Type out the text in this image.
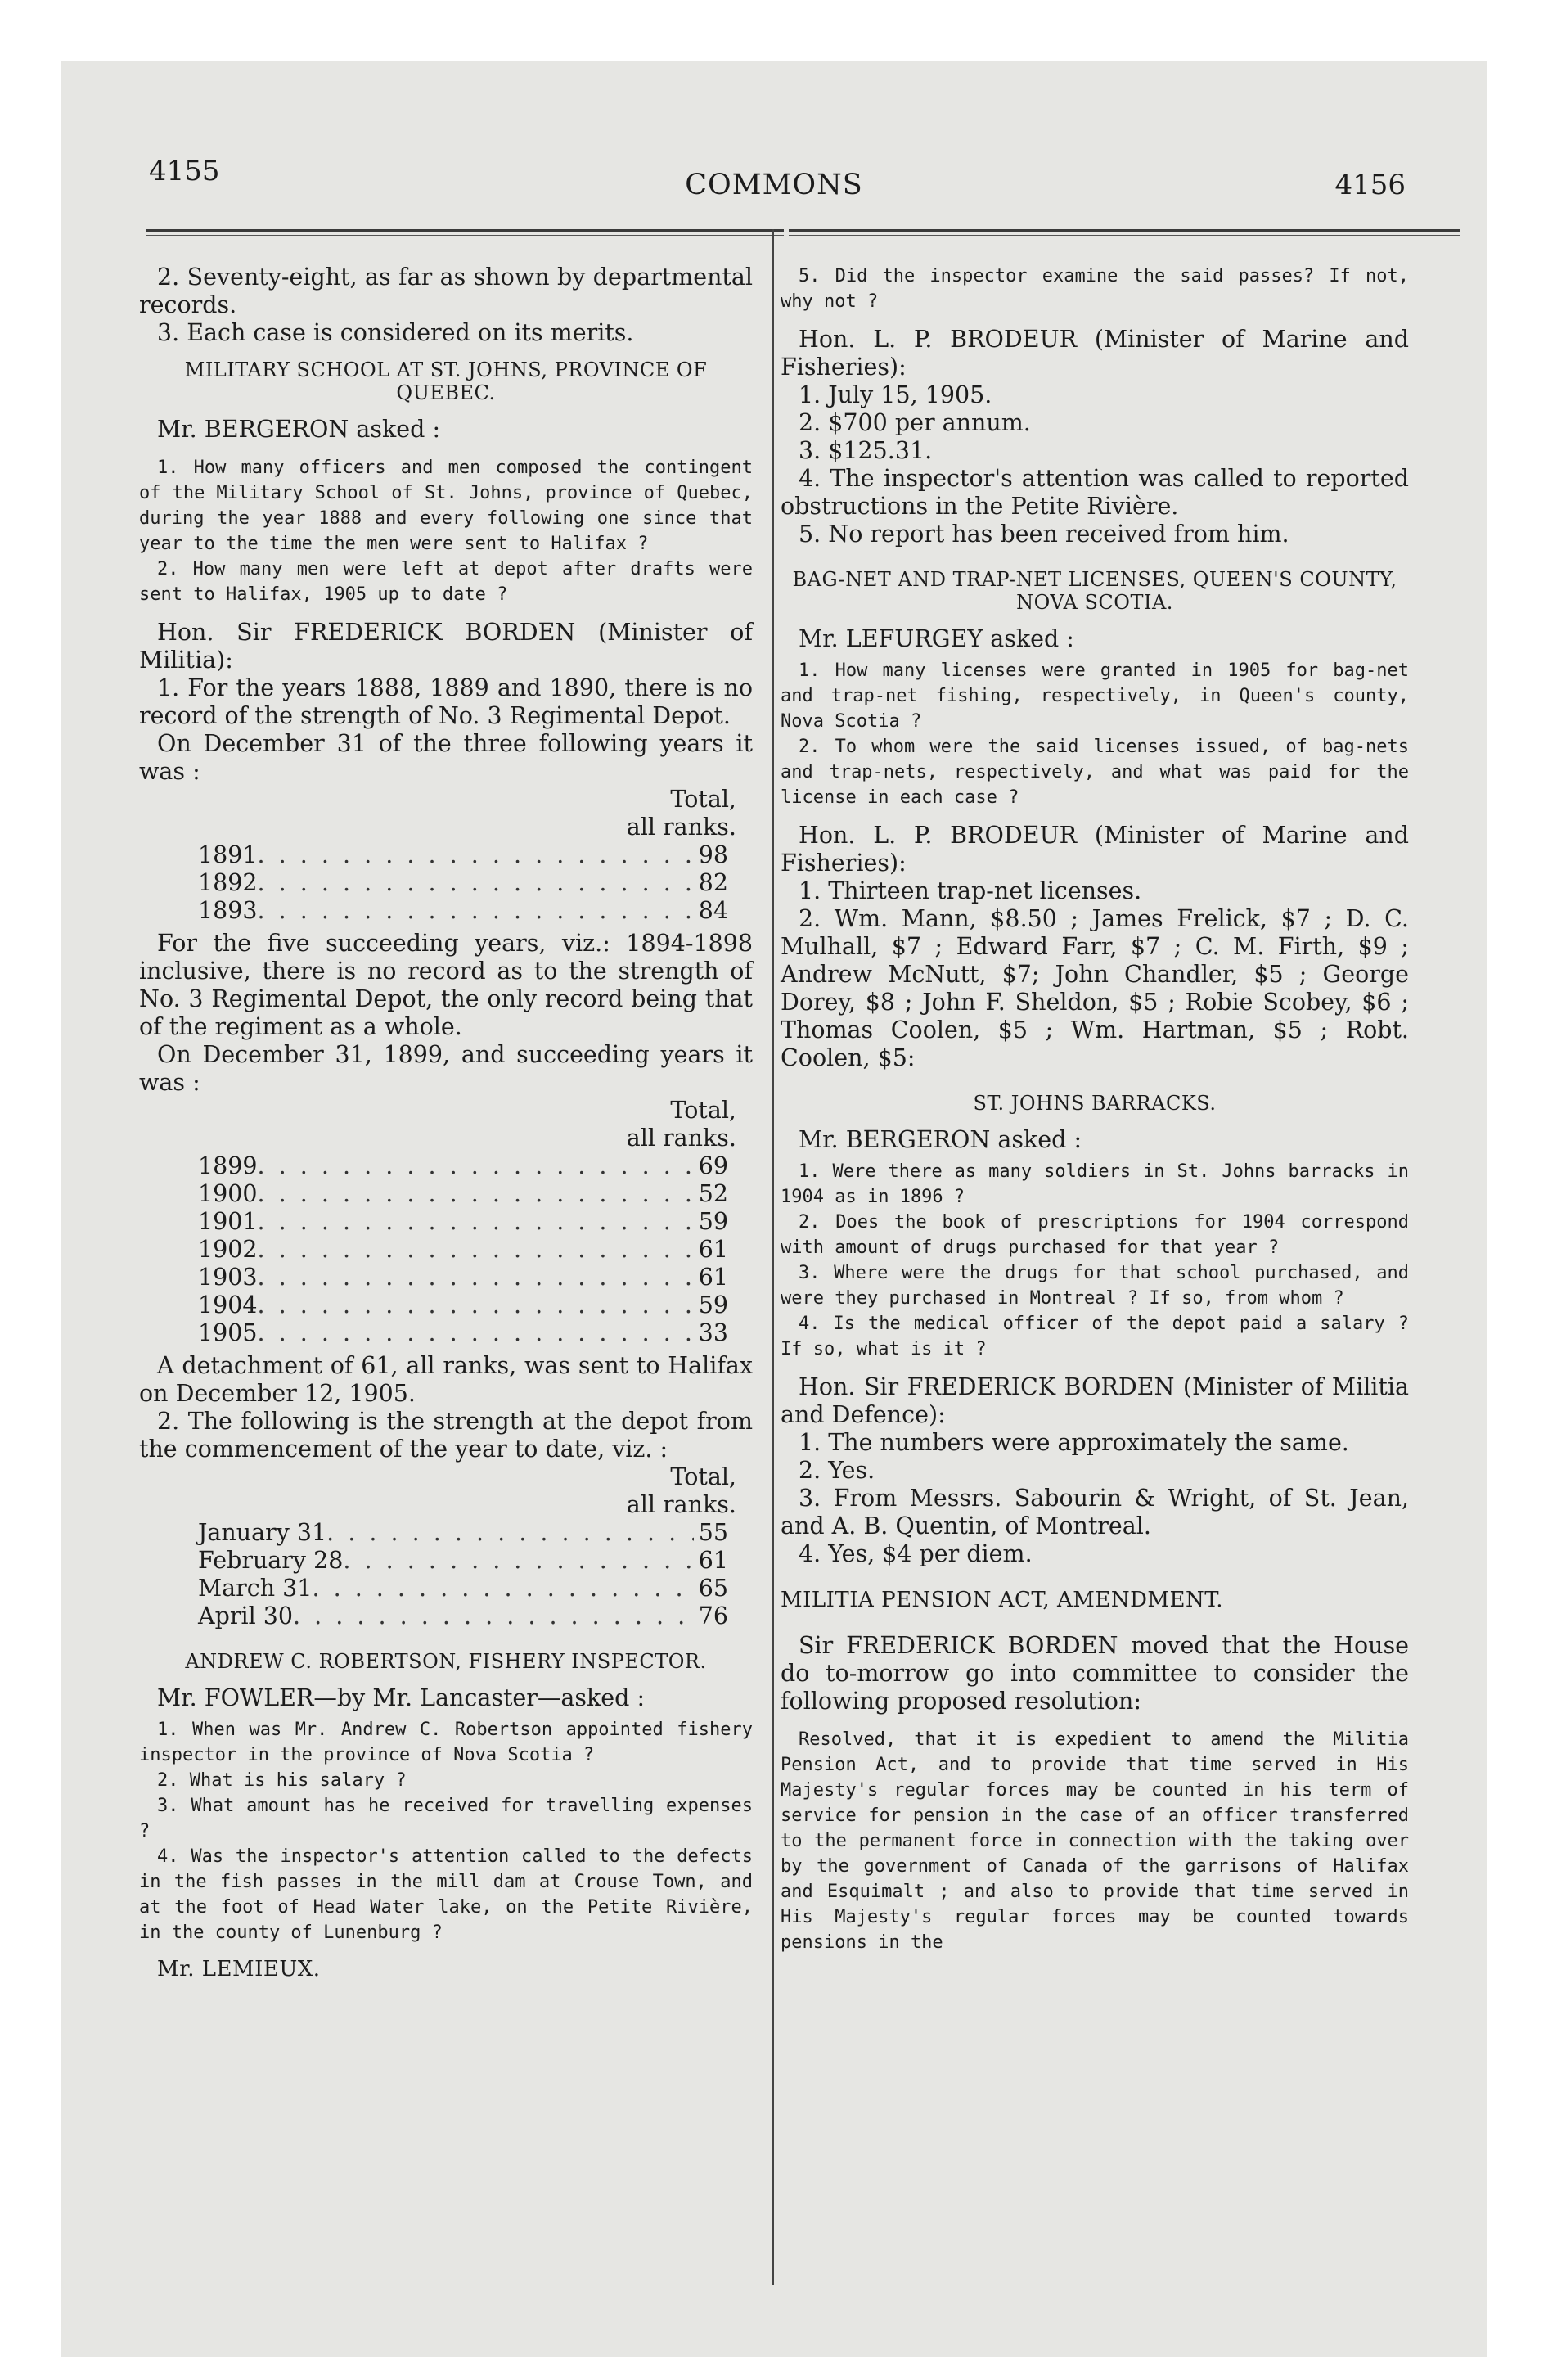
4155	COMMONS	4156

2. Seventy-eight, as far as shown by departmental records.

3. Each case is considered on its merits.

MILITARY SCHOOL AT ST. JOHNS, PROVINCE OF QUEBEC.

Mr. BERGERON asked :

1. How many officers and men composed the contingent of the Military School of St. Johns, province of Quebec, during the year 1888 and every following one since that year to the time the men were sent to Halifax ?

2. How many men were left at depot after drafts were sent to Halifax, 1905 up to date ?

Hon. Sir FREDERICK BORDEN (Minister of Militia):

1. For the years 1888, 1889 and 1890, there is no record of the strength of No. 3 Regimental Depot.

On December 31 of the three following years it was :

Total,

all ranks.

1891 . . .	98
1892 . . .	82
1893 . . .	84

For the five succeeding years, viz.: 1894-1898 inclusive, there is no record as to the strength of No. 3 Regimental Depot, the only record being that of the regiment as a whole.

On December 31, 1899, and succeeding years it was :

Total,

all ranks.

1899 . . .	69
1900 . . .	52
1901 . . .	59
1902 . . .	61
1903 . . .	61
1904 . . .	59
1905 . . .	33

A detachment of 61, all ranks, was sent to Halifax on December 12, 1905.

2. The following is the strength at the depot from the commencement of the year to date, viz. :

Total,

all ranks.

January 31 . . .	55
February 28 . . .	61
March 31 . . .	65
April 30 . . .	76

ANDREW C. ROBERTSON, FISHERY INSPECTOR.

Mr. FOWLER—by Mr. Lancaster—asked :

1. When was Mr. Andrew C. Robertson appointed fishery inspector in the province of Nova Scotia ?

2. What is his salary ?

3. What amount has he received for travelling expenses ?

4. Was the inspector's attention called to the defects in the fish passes in the mill dam at Crouse Town, and at the foot of Head Water lake, on the Petite Rivière, in the county of Lunenburg ?

Mr. LEMIEUX.

5. Did the inspector examine the said passes? If not, why not ?

Hon. L. P. BRODEUR (Minister of Marine and Fisheries):

1. July 15, 1905.

2. $700 per annum.

3. $125.31.

4. The inspector's attention was called to reported obstructions in the Petite Rivière.

5. No report has been received from him.

BAG-NET AND TRAP-NET LICENSES, QUEEN'S COUNTY, NOVA SCOTIA.

Mr. LEFURGEY asked :

1. How many licenses were granted in 1905 for bag-net and trap-net fishing, respectively, in Queen's county, Nova Scotia ?

2. To whom were the said licenses issued, of bag-nets and trap-nets, respectively, and what was paid for the license in each case ?

Hon. L. P. BRODEUR (Minister of Marine and Fisheries):

1. Thirteen trap-net licenses.

2. Wm. Mann, $8.50 ; James Frelick, $7 ; D. C. Mulhall, $7 ; Edward Farr, $7 ; C. M. Firth, $9 ; Andrew McNutt, $7; John Chandler, $5 ; George Dorey, $8 ; John F. Sheldon, $5 ; Robie Scobey, $6 ; Thomas Coolen, $5 ; Wm. Hartman, $5 ; Robt. Coolen, $5:

ST. JOHNS BARRACKS.

Mr. BERGERON asked :

1. Were there as many soldiers in St. Johns barracks in 1904 as in 1896 ?

2. Does the book of prescriptions for 1904 correspond with amount of drugs purchased for that year ?

3. Where were the drugs for that school purchased, and were they purchased in Montreal ? If so, from whom ?

4. Is the medical officer of the depot paid a salary ? If so, what is it ?

Hon. Sir FREDERICK BORDEN (Minister of Militia and Defence):

1. The numbers were approximately the same.

2. Yes.

3. From Messrs. Sabourin & Wright, of St. Jean, and A. B. Quentin, of Montreal.

4. Yes, $4 per diem.

MILITIA PENSION ACT, AMENDMENT.

Sir FREDERICK BORDEN moved that the House do to-morrow go into committee to consider the following proposed resolution:

Resolved, that it is expedient to amend the Militia Pension Act, and to provide that time served in His Majesty's regular forces may be counted in his term of service for pension in the case of an officer transferred to the permanent force in connection with the taking over by the government of Canada of the garrisons of Halifax and Esquimalt ; and also to provide that time served in His Majesty's regular forces may be counted towards pensions in the
